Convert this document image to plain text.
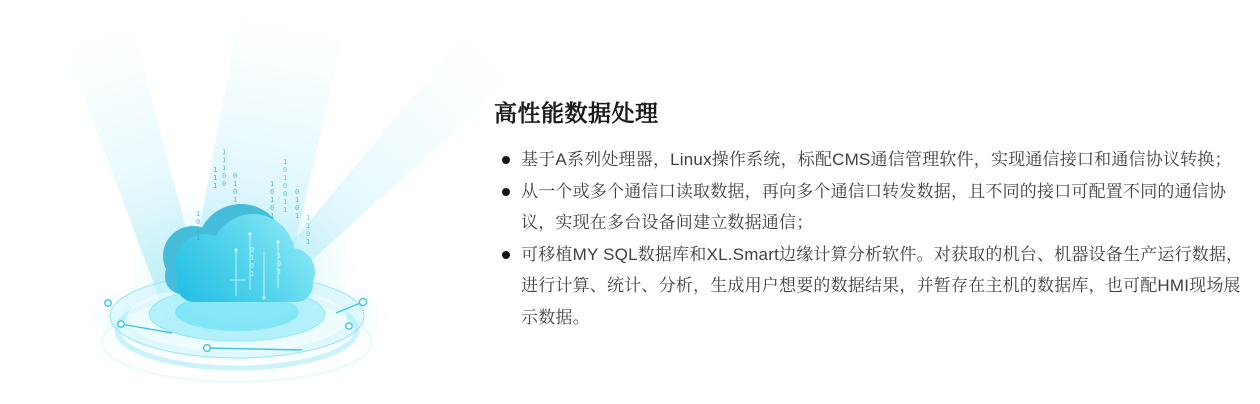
111
11100
0101
1011
10101
1010011
0101 1101
0101
101
高性能数据处理
基于A系列处理器，Linux操作系统，标配CMS通信管理软件，实现通信接口和通信协议转换；
从一个或多个通信口读取数据，再向多个通信口转发数据，且不同的接口可配置不同的通信协
议，实现在多台设备间建立数据通信；
可移植MY SQL数据库和XL.Smart边缘计算分析软件。对获取的机台、机器设备生产运行数据，
进行计算、统计、分析，生成用户想要的数据结果，并暂存在主机的数据库，也可配HMI现场展
示数据。
